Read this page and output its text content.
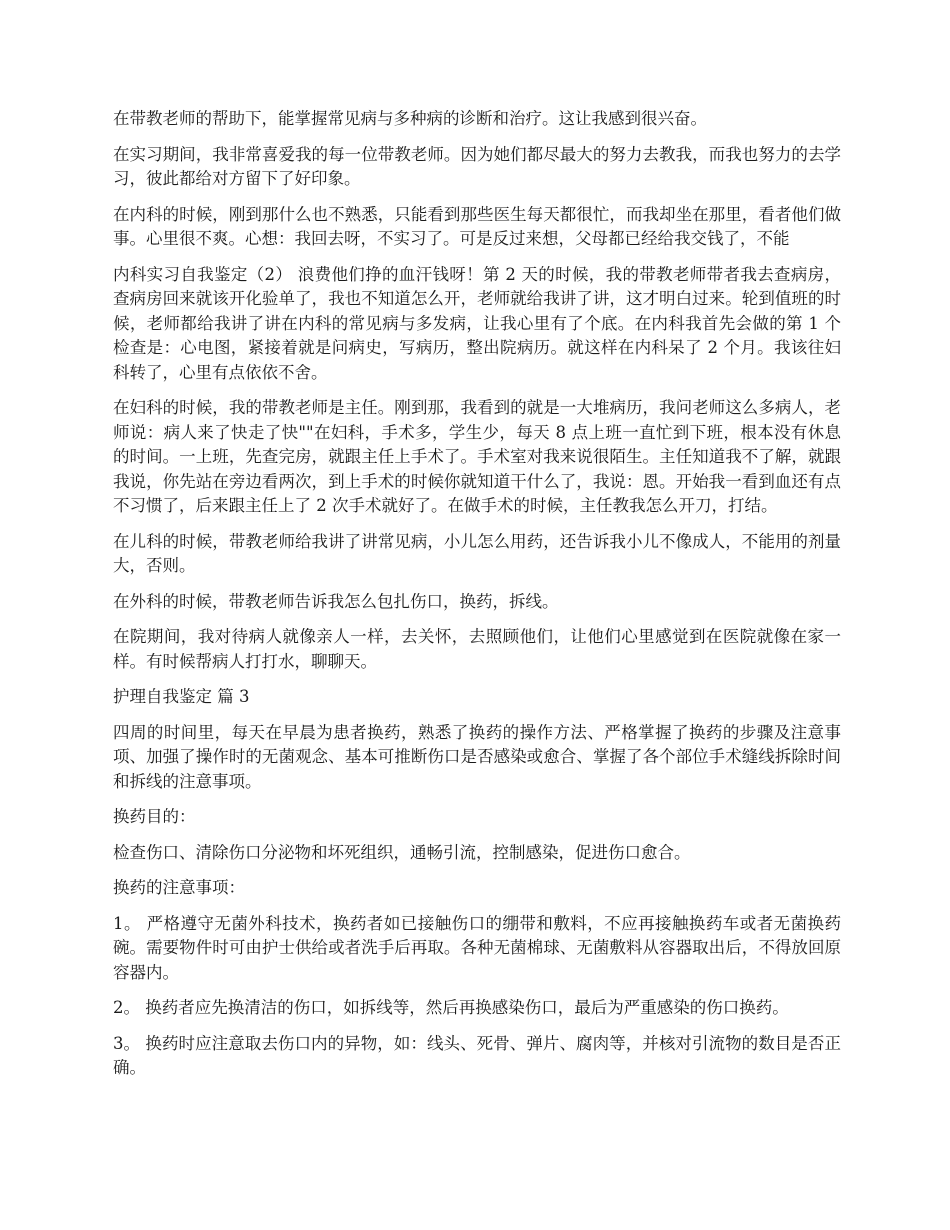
在带教老师的帮助下，能掌握常见病与多种病的诊断和治疗。这让我感到很兴奋。

在实习期间，我非常喜爱我的每一位带教老师。因为她们都尽最大的努力去教我，而我也努力的去学习，彼此都给对方留下了好印象。

在内科的时候，刚到那什么也不熟悉，只能看到那些医生每天都很忙，而我却坐在那里，看者他们做事。心里很不爽。心想：我回去呀，不实习了。可是反过来想，父母都已经给我交钱了，不能

内科实习自我鉴定（2） 浪费他们挣的血汗钱呀！第 2 天的时候，我的带教老师带者我去查病房，查病房回来就该开化验单了，我也不知道怎么开，老师就给我讲了讲，这才明白过来。轮到值班的时候，老师都给我讲了讲在内科的常见病与多发病，让我心里有了个底。在内科我首先会做的第 1 个检查是：心电图，紧接着就是问病史，写病历，整出院病历。就这样在内科呆了 2 个月。我该往妇科转了，心里有点依依不舍。

在妇科的时候，我的带教老师是主任。刚到那，我看到的就是一大堆病历，我问老师这么多病人，老师说：病人来了快走了快""在妇科，手术多，学生少，每天 8 点上班一直忙到下班，根本没有休息的时间。一上班，先查完房，就跟主任上手术了。手术室对我来说很陌生。主任知道我不了解，就跟我说，你先站在旁边看两次，到上手术的时候你就知道干什么了，我说：恩。开始我一看到血还有点不习惯了，后来跟主任上了 2 次手术就好了。在做手术的时候，主任教我怎么开刀，打结。

在儿科的时候，带教老师给我讲了讲常见病，小儿怎么用药，还告诉我小儿不像成人，不能用的剂量大，否则。

在外科的时候，带教老师告诉我怎么包扎伤口，换药，拆线。

在院期间，我对待病人就像亲人一样，去关怀，去照顾他们，让他们心里感觉到在医院就像在家一样。有时候帮病人打打水，聊聊天。

护理自我鉴定 篇 3

四周的时间里，每天在早晨为患者换药，熟悉了换药的操作方法、严格掌握了换药的步骤及注意事项、加强了操作时的无菌观念、基本可推断伤口是否感染或愈合、掌握了各个部位手术缝线拆除时间和拆线的注意事项。

换药目的：

检查伤口、清除伤口分泌物和坏死组织，通畅引流，控制感染，促进伤口愈合。

换药的注意事项：

1。 严格遵守无菌外科技术，换药者如已接触伤口的绷带和敷料，不应再接触换药车或者无菌换药碗。需要物件时可由护士供给或者洗手后再取。各种无菌棉球、无菌敷料从容器取出后，不得放回原容器内。

2。 换药者应先换清洁的伤口，如拆线等，然后再换感染伤口，最后为严重感染的伤口换药。

3。 换药时应注意取去伤口内的异物，如：线头、死骨、弹片、腐肉等，并核对引流物的数目是否正确。
